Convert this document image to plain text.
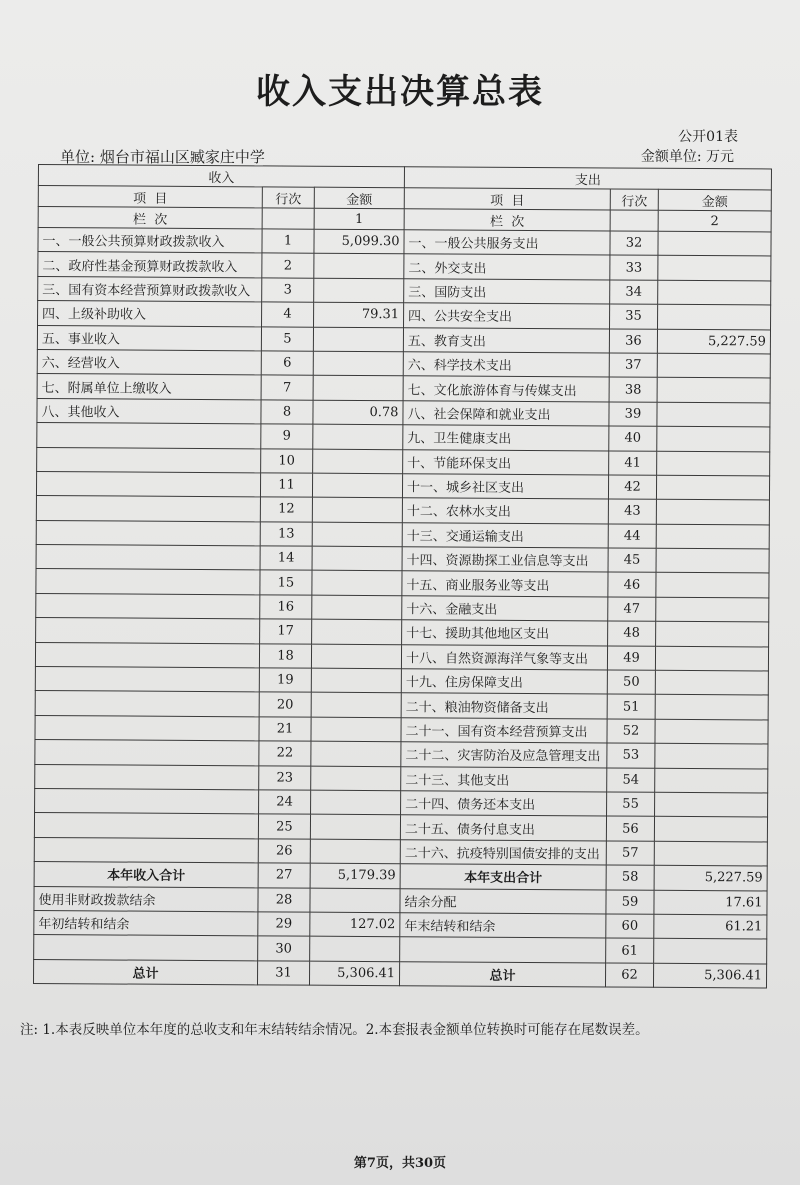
收入支出决算总表
公开01表
单位: 烟台市福山区臧家庄中学	金额单位: 万元
收入			支出		
项  目	行次	金额	项  目	行次	金额
栏  次		1	栏  次		2
一、一般公共预算财政拨款收入	1	5,099.30	一、一般公共服务支出	32	
二、政府性基金预算财政拨款收入	2		二、外交支出	33	
三、国有资本经营预算财政拨款收入	3		三、国防支出	34	
四、上级补助收入	4	79.31	四、公共安全支出	35	
五、事业收入	5		五、教育支出	36	5,227.59
六、经营收入	6		六、科学技术支出	37	
七、附属单位上缴收入	7		七、文化旅游体育与传媒支出	38	
八、其他收入	8	0.78	八、社会保障和就业支出	39	
	9		九、卫生健康支出	40	
	10		十、节能环保支出	41	
	11		十一、城乡社区支出	42	
	12		十二、农林水支出	43	
	13		十三、交通运输支出	44	
	14		十四、资源勘探工业信息等支出	45	
	15		十五、商业服务业等支出	46	
	16		十六、金融支出	47	
	17		十七、援助其他地区支出	48	
	18		十八、自然资源海洋气象等支出	49	
	19		十九、住房保障支出	50	
	20		二十、粮油物资储备支出	51	
	21		二十一、国有资本经营预算支出	52	
	22		二十二、灾害防治及应急管理支出	53	
	23		二十三、其他支出	54	
	24		二十四、债务还本支出	55	
	25		二十五、债务付息支出	56	
	26		二十六、抗疫特别国债安排的支出	57	
本年收入合计	27	5,179.39	本年支出合计	58	5,227.59
使用非财政拨款结余	28		结余分配	59	17.61
年初结转和结余	29	127.02	年末结转和结余	60	61.21
	30			61	
总计	31	5,306.41	总计	62	5,306.41
注: 1.本表反映单位本年度的总收支和年末结转结余情况。2.本套报表金额单位转换时可能存在尾数误差。
第7页，共30页
